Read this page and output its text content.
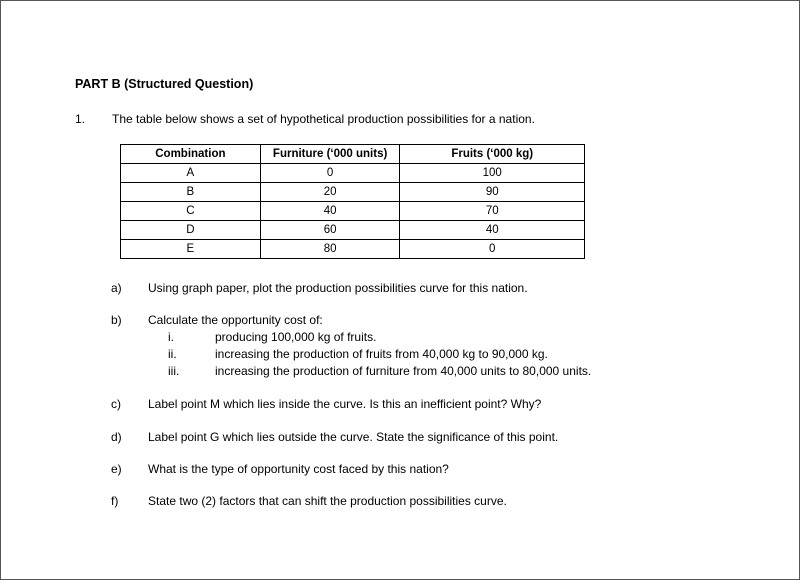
PART B (Structured Question)
1. The table below shows a set of hypothetical production possibilities for a nation.
Combination	Furniture (‘000 units)	Fruits (‘000 kg)
A	0	100
B	20	90
C	40	70
D	60	40
E	80	0
a) Using graph paper, plot the production possibilities curve for this nation.
b) Calculate the opportunity cost of:
i.	producing 100,000 kg of fruits.
ii.	increasing the production of fruits from 40,000 kg to 90,000 kg.
iii.	increasing the production of furniture from 40,000 units to 80,000 units.
c) Label point M which lies inside the curve. Is this an inefficient point? Why?
d) Label point G which lies outside the curve. State the significance of this point.
e) What is the type of opportunity cost faced by this nation?
f) State two (2) factors that can shift the production possibilities curve.
